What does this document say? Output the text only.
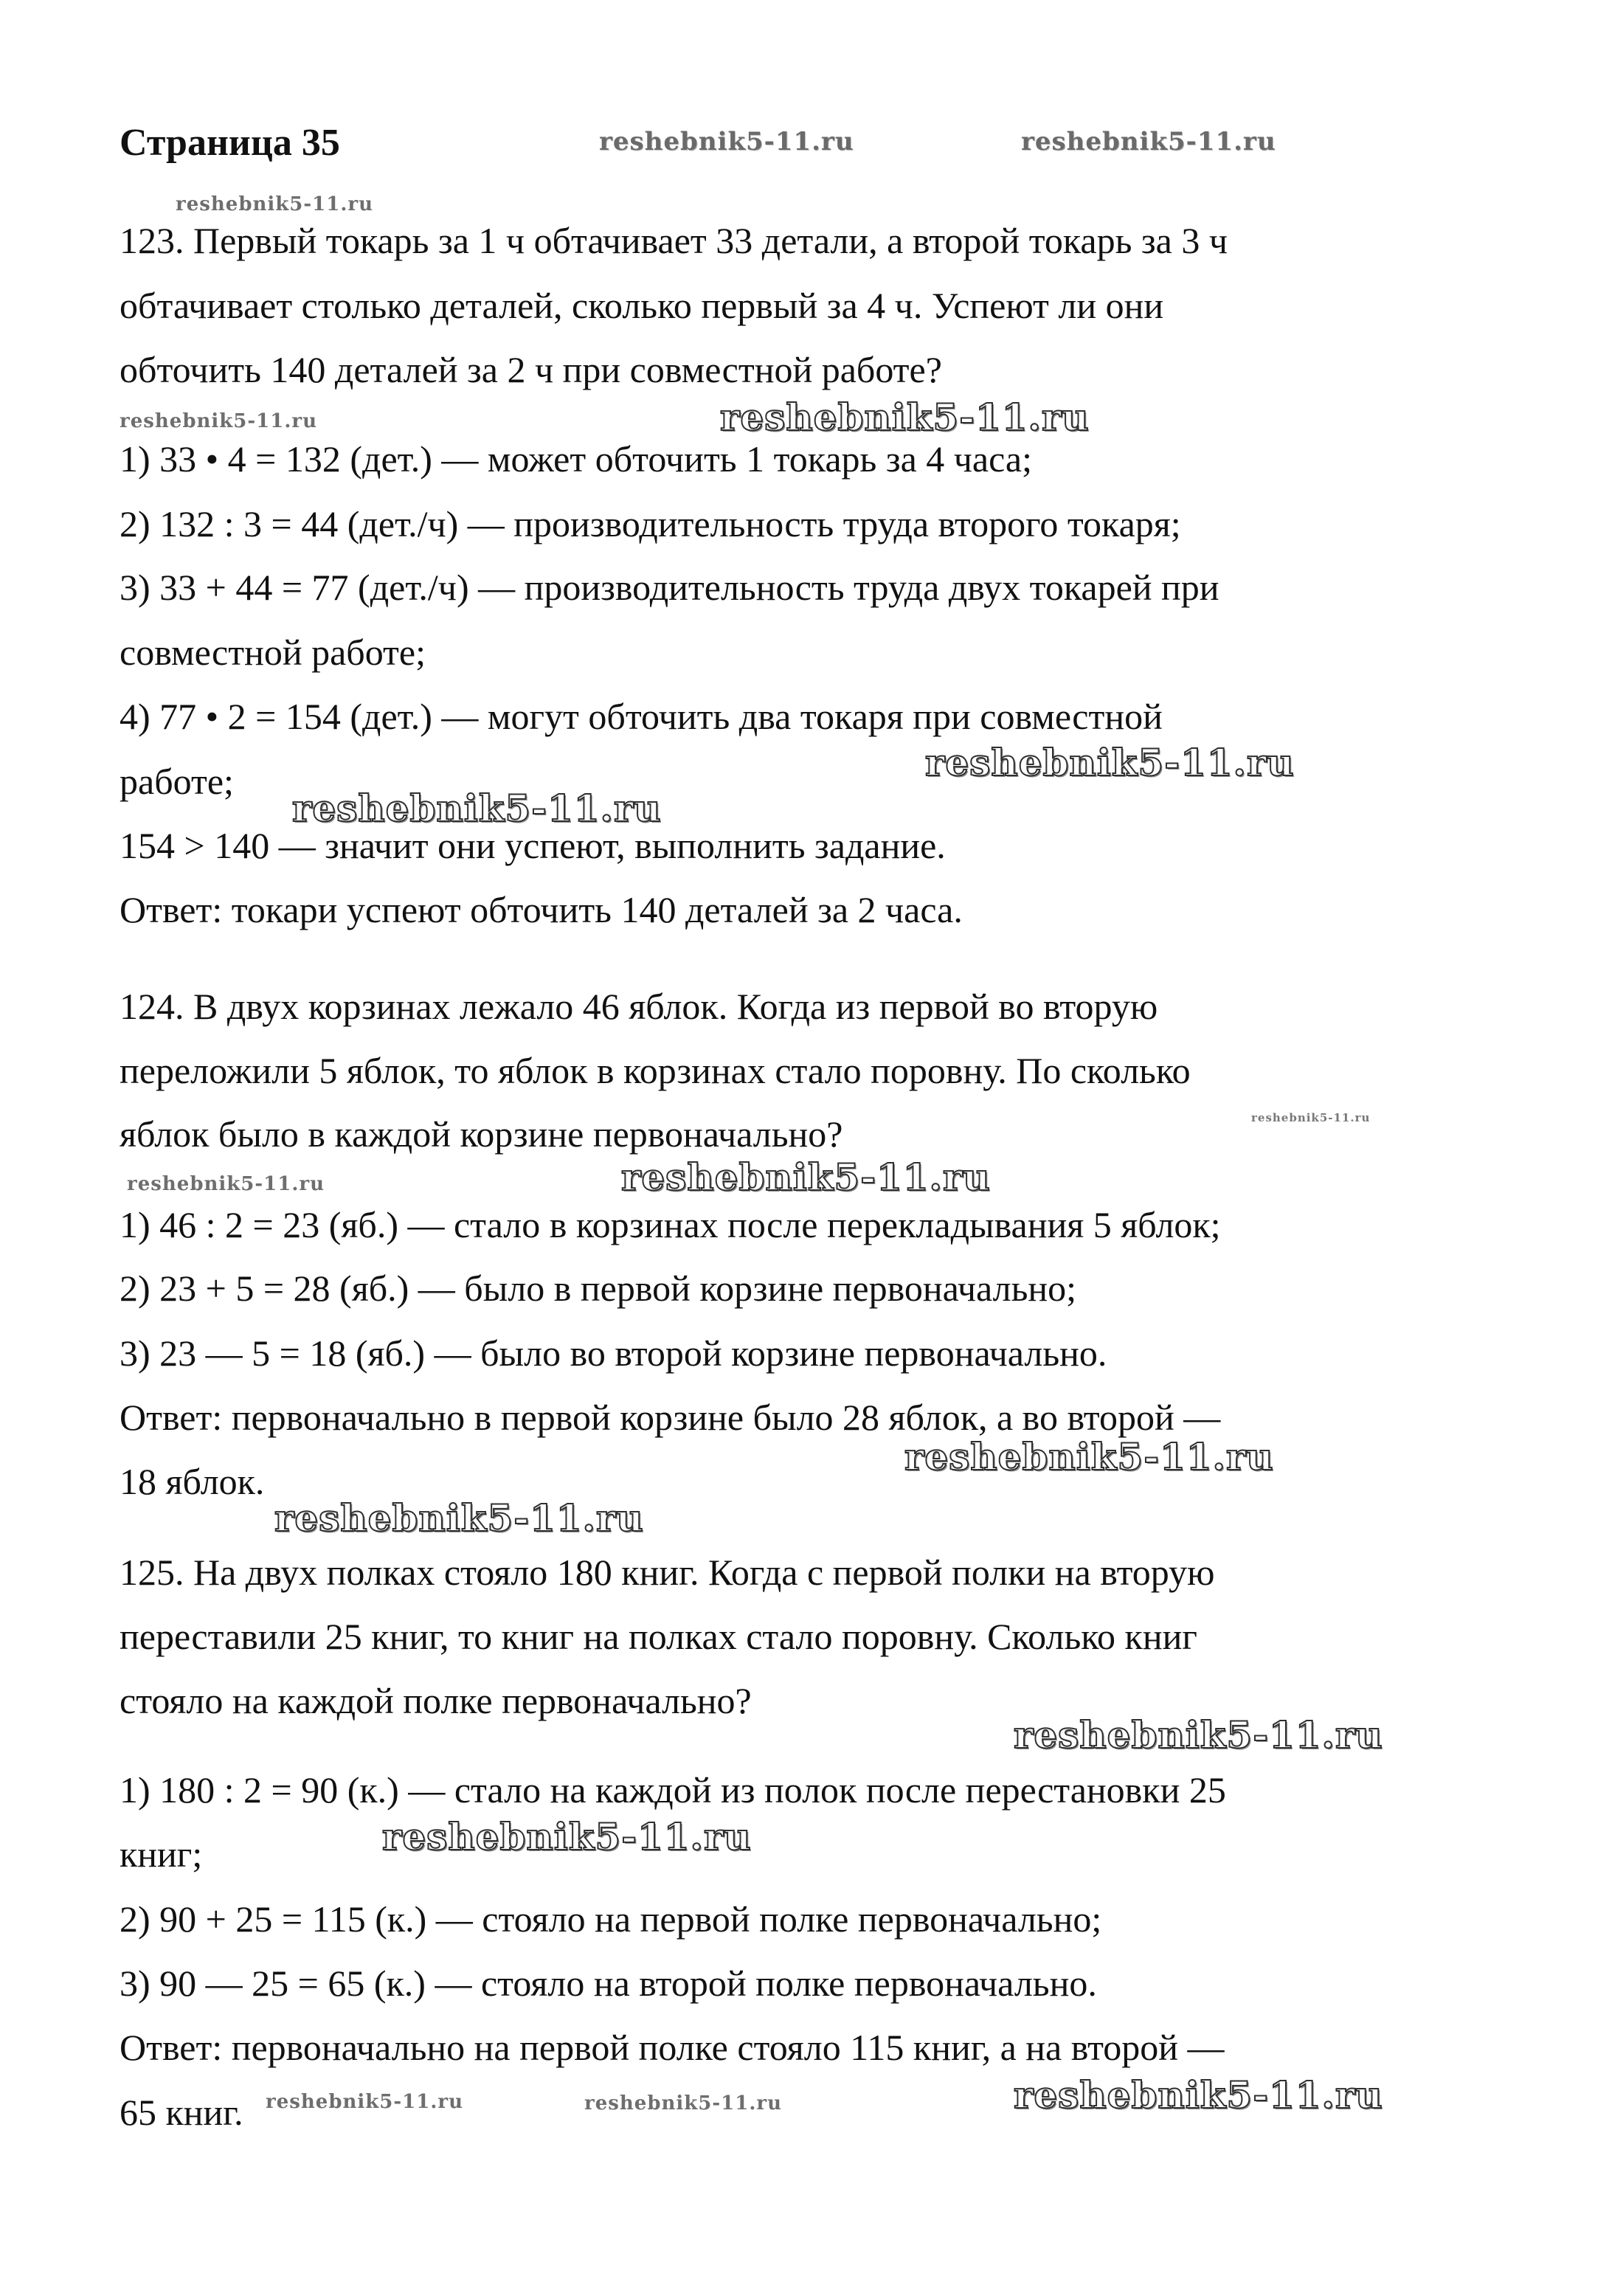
Страница 35
123. Первый токарь за 1 ч обтачивает 33 детали, а второй токарь за 3 ч
обтачивает столько деталей, сколько первый за 4 ч. Успеют ли они
обточить 140 деталей за 2 ч при совместной работе?
1) 33 • 4 = 132 (дет.) — может обточить 1 токарь за 4 часа;
2) 132 : 3 = 44 (дет./ч) — производительность труда второго токаря;
3) 33 + 44 = 77 (дет./ч) — производительность труда двух токарей при
совместной работе;
4) 77 • 2 = 154 (дет.) — могут обточить два токаря при совместной
работе;
154 > 140 — значит они успеют, выполнить задание.
Ответ: токари успеют обточить 140 деталей за 2 часа.
124. В двух корзинах лежало 46 яблок. Когда из первой во вторую
переложили 5 яблок, то яблок в корзинах стало поровну. По сколько
яблок было в каждой корзине первоначально?
1) 46 : 2 = 23 (яб.) — стало в корзинах после перекладывания 5 яблок;
2) 23 + 5 = 28 (яб.) — было в первой корзине первоначально;
3) 23 — 5 = 18 (яб.) — было во второй корзине первоначально.
Ответ: первоначально в первой корзине было 28 яблок, а во второй —
18 яблок.
125. На двух полках стояло 180 книг. Когда с первой полки на вторую
переставили 25 книг, то книг на полках стало поровну. Сколько книг
стояло на каждой полке первоначально?
1) 180 : 2 = 90 (к.) — стало на каждой из полок после перестановки 25
книг;
2) 90 + 25 = 115 (к.) — стояло на первой полке первоначально;
3) 90 — 25 = 65 (к.) — стояло на второй полке первоначально.
Ответ: первоначально на первой полке стояло 115 книг, а на второй —
65 книг.
reshebnik5-11.ru	reshebnik5-11.ru
reshebnik5-11.ru
reshebnik5-11.ru	reshebnik5-11.ru
reshebnik5-11.ru
reshebnik5-11.ru
reshebnik5-11.ru
reshebnik5-11.ru	reshebnik5-11.ru
reshebnik5-11.ru
reshebnik5-11.ru
reshebnik5-11.ru
reshebnik5-11.ru
reshebnik5-11.ru	reshebnik5-11.ru	reshebnik5-11.ru
